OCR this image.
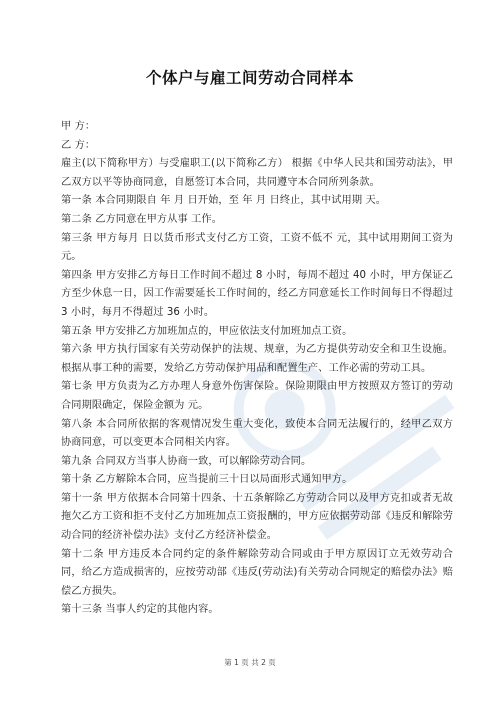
个体户与雇工间劳动合同样本

甲 方：

乙 方：

雇主(以下简称甲方）与受雇职工(以下简称乙方） 根据《中华人民共和国劳动法》，甲乙双方以平等协商同意，自愿签订本合同，共同遵守本合同所列条款。

第一条 本合同期限自 年 月 日开始，至 年 月 日终止，其中试用期 天。

第二条 乙方同意在甲方从事 工作。

第三条 甲方每月 日以货币形式支付乙方工资，工资不低不 元，其中试用期间工资为 元。

第四条 甲方安排乙方每日工作时间不超过 8 小时，每周不超过 40 小时，甲方保证乙方至少休息一日，因工作需要延长工作时间的，经乙方同意延长工作时间每日不得超过 3 小时，每月不得超过 36 小时。

第五条 甲方安排乙方加班加点的，甲应依法支付加班加点工资。

第六条 甲方执行国家有关劳动保护的法规、规章，为乙方提供劳动安全和卫生设施。根据从事工种的需要，发给乙方劳动保护用品和配置生产、工作必需的劳动工具。

第七条 甲方负责为乙方办理人身意外伤害保险。保险期限由甲方按照双方签订的劳动合同期限确定，保险金额为 元。

第八条 本合同所依据的客观情况发生重大变化，致使本合同无法履行的，经甲乙双方协商同意，可以变更本合同相关内容。

第九条 合同双方当事人协商一致，可以解除劳动合同。

第十条 乙方解除本合同，应当提前三十日以局面形式通知甲方。

第十一条 甲方依据本合同第十四条、十五条解除乙方劳动合同以及甲方克扣或者无故拖欠乙方工资和拒不支付乙方加班加点工资报酬的，甲方应依据劳动部《违反和解除劳动合同的经济补偿办法》支付乙方经济补偿金。

第十二条 甲方违反本合同约定的条件解除劳动合同或由于甲方原因订立无效劳动合同，给乙方造成损害的，应按劳动部《违反(劳动法)有关劳动合同规定的赔偿办法》赔偿乙方损失。

第十三条 当事人约定的其他内容。

第 1 页 共 2 页
